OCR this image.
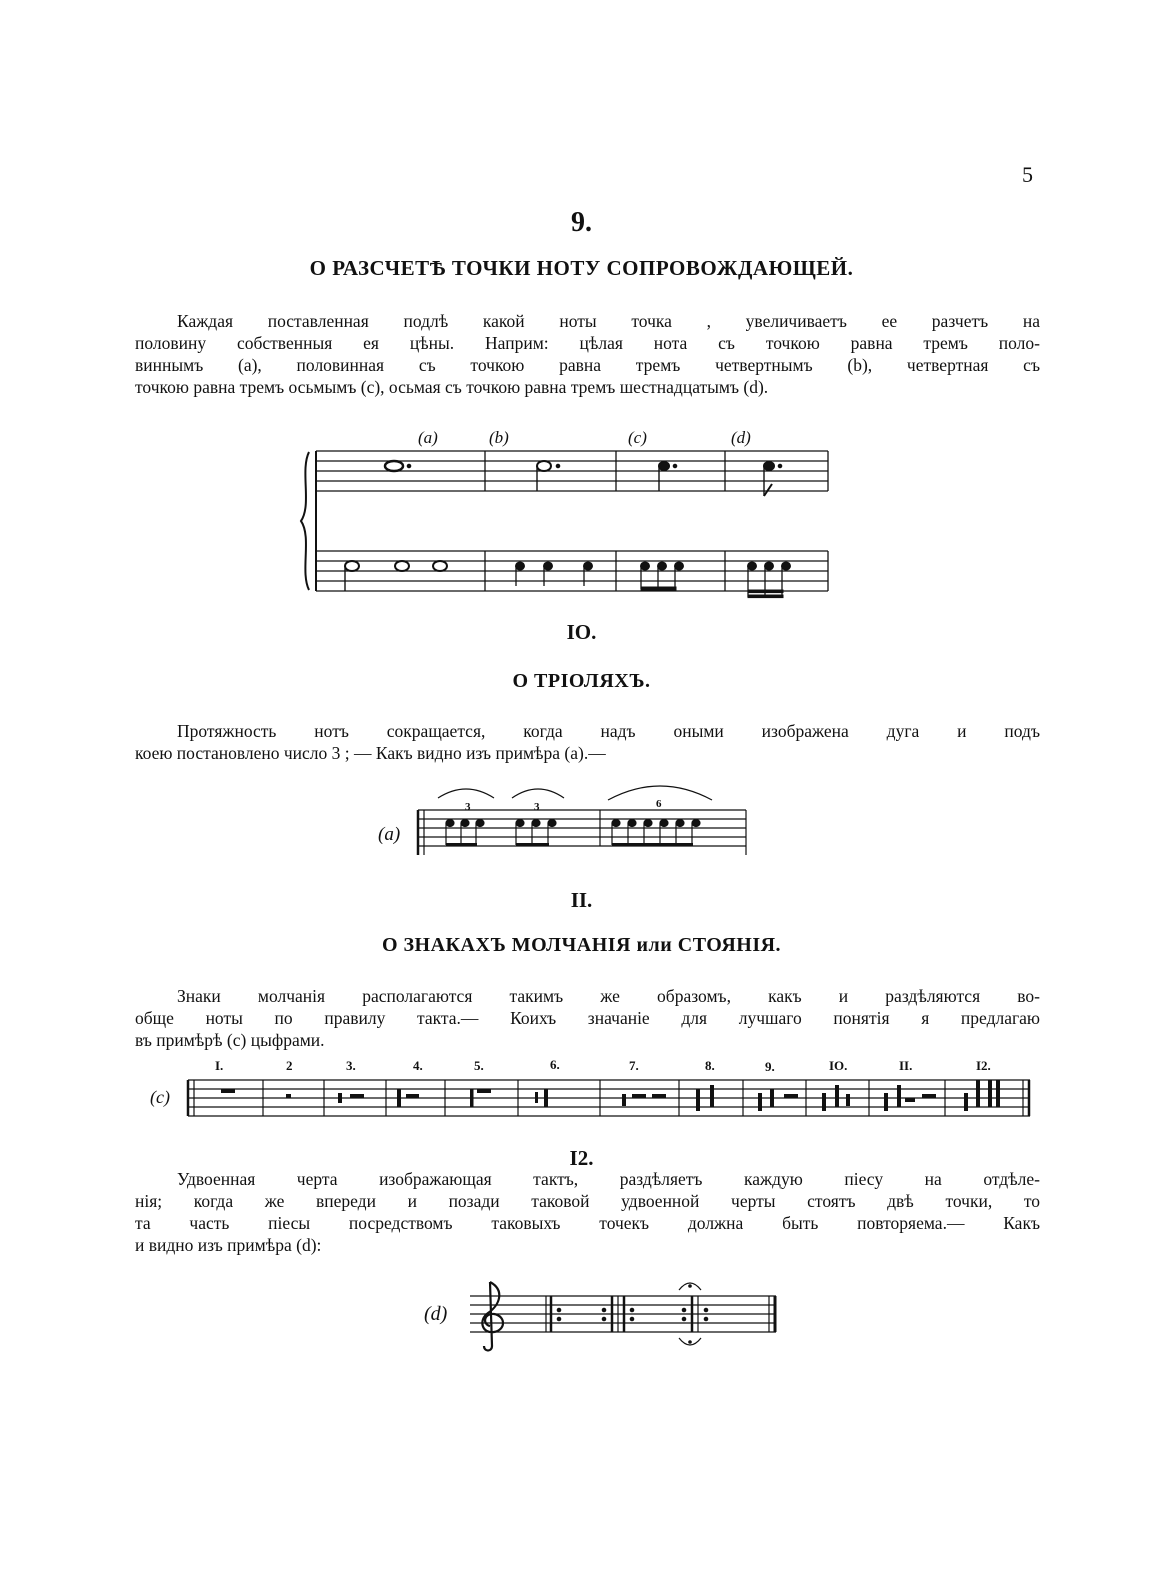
5
9.
О РАЗСЧЕТѢ ТОЧКИ НОТУ СОПРОВОЖДАЮЩЕЙ.
Каждая поставленная подлѣ какой ноты точка , увеличиваетъ ее разчетъ на
половину собственныя ея цѣны. Наприм: цѣлая нота съ точкою равна тремъ поло-
виннымъ (a), половинная съ точкою равна тремъ четвертнымъ (b), четвертная съ
точкою равна тремъ осьмымъ (c), осьмая съ точкою равна тремъ шестнадцатымъ (d).
(a)	(b)	(c)	(d)
IO.
О ТРІОЛЯХЪ.
Протяжность нотъ сокращается, когда надъ оными изображена дуга и подъ
коею постановлено число 3 ; — Какъ видно изъ примѣра (a).—
(a)
3	3	6
II.
О ЗНАКАХЪ МОЛЧАНІЯ или СТОЯНІЯ.
Знаки молчанія располагаются такимъ же образомъ, какъ и раздѣляются во-
обще ноты по правилу такта.— Коихъ значаніе для лучшаго понятія я предлагаю
въ примѣрѣ (c) цыфрами.
(c)
I.	2	3.	4.	5.	6.	7.	8.	9.	IO.	II.	I2.
I2.
Удвоенная черта изображающая тактъ, раздѣляетъ каждую піесу на отдѣле-
нія; когда же впереди и позади таковой удвоенной черты стоятъ двѣ точки, то
та часть піесы посредствомъ таковыхъ точекъ должна быть повторяема.— Какъ
и видно изъ примѣра (d):
(d)
